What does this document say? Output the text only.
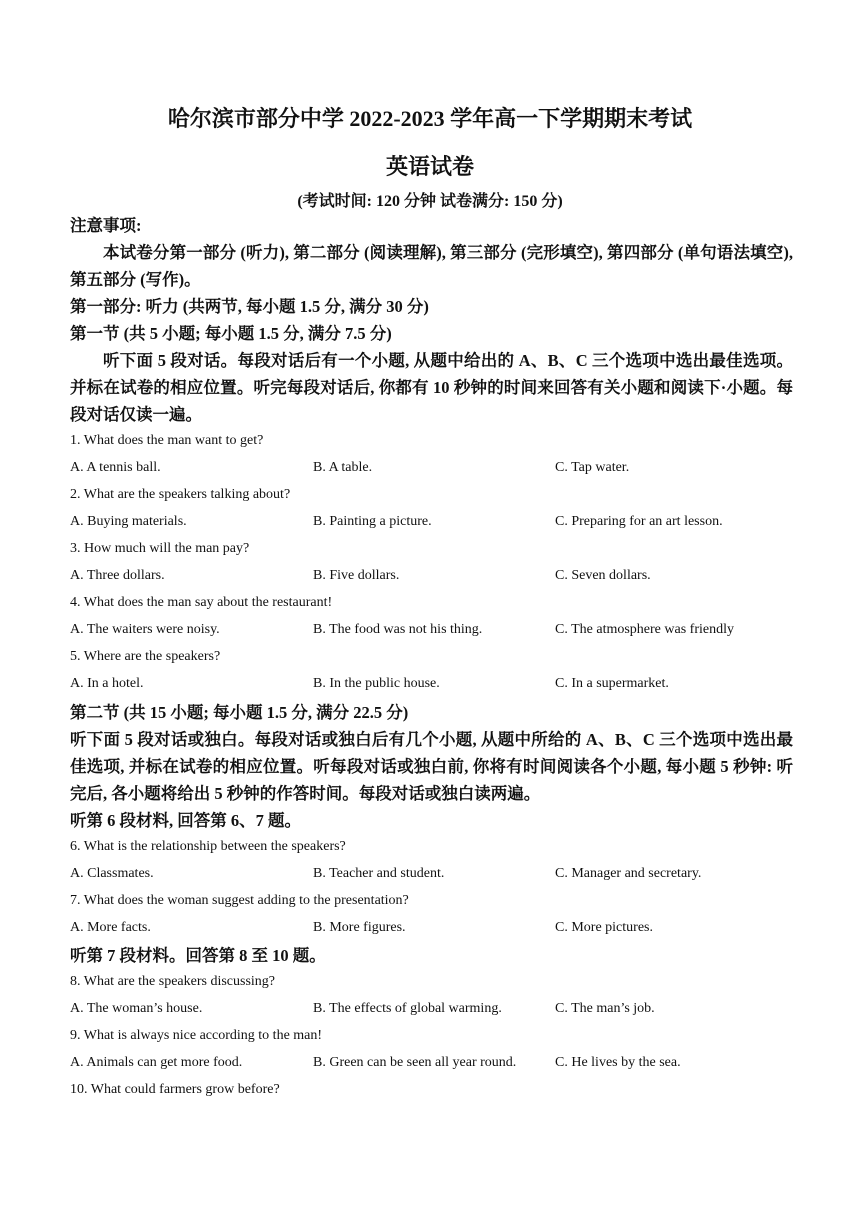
哈尔滨市部分中学 2022-2023 学年高一下学期期末考试
英语试卷
(考试时间: 120 分钟 试卷满分: 150 分)
注意事项:
本试卷分第一部分 (听力), 第二部分 (阅读理解), 第三部分 (完形填空), 第四部分 (单句语法填空), 第五部分 (写作)。
第一部分: 听力 (共两节, 每小题 1.5 分, 满分 30 分)
第一节 (共 5 小题; 每小题 1.5 分, 满分 7.5 分)
听下面 5 段对话。每段对话后有一个小题, 从题中给出的 A、B、C 三个选项中选出最佳选项。并标在试卷的相应位置。听完每段对话后, 你都有 10 秒钟的时间来回答有关小题和阅读下·小题。每段对话仅读一遍。
1. What does the man want to get?
A. A tennis ball.	B. A table.	C. Tap water.
2. What are the speakers talking about?
A. Buying materials.	B. Painting a picture.	C. Preparing for an art lesson.
3. How much will the man pay?
A. Three dollars.	B. Five dollars.	C. Seven dollars.
4. What does the man say about the restaurant!
A. The waiters were noisy.	B. The food was not his thing.	C. The atmosphere was friendly
5. Where are the speakers?
A. In a hotel.	B. In the public house.	C. In a supermarket.
第二节 (共 15 小题; 每小题 1.5 分, 满分 22.5 分)
听下面 5 段对话或独白。每段对话或独白后有几个小题, 从题中所给的 A、B、C 三个选项中选出最佳选项, 并标在试卷的相应位置。听每段对话或独白前, 你将有时间阅读各个小题, 每小题 5 秒钟: 听完后, 各小题将给出 5 秒钟的作答时间。每段对话或独白读两遍。
听第 6 段材料, 回答第 6、7 题。
6. What is the relationship between the speakers?
A. Classmates.	B. Teacher and student.	C. Manager and secretary.
7. What does the woman suggest adding to the presentation?
A. More facts.	B. More figures.	C. More pictures.
听第 7 段材料。回答第 8 至 10 题。
8. What are the speakers discussing?
A. The woman’s house.	B. The effects of global warming.	C. The man’s job.
9. What is always nice according to the man!
A. Animals can get more food.	B. Green can be seen all year round.	C. He lives by the sea.
10. What could farmers grow before?
